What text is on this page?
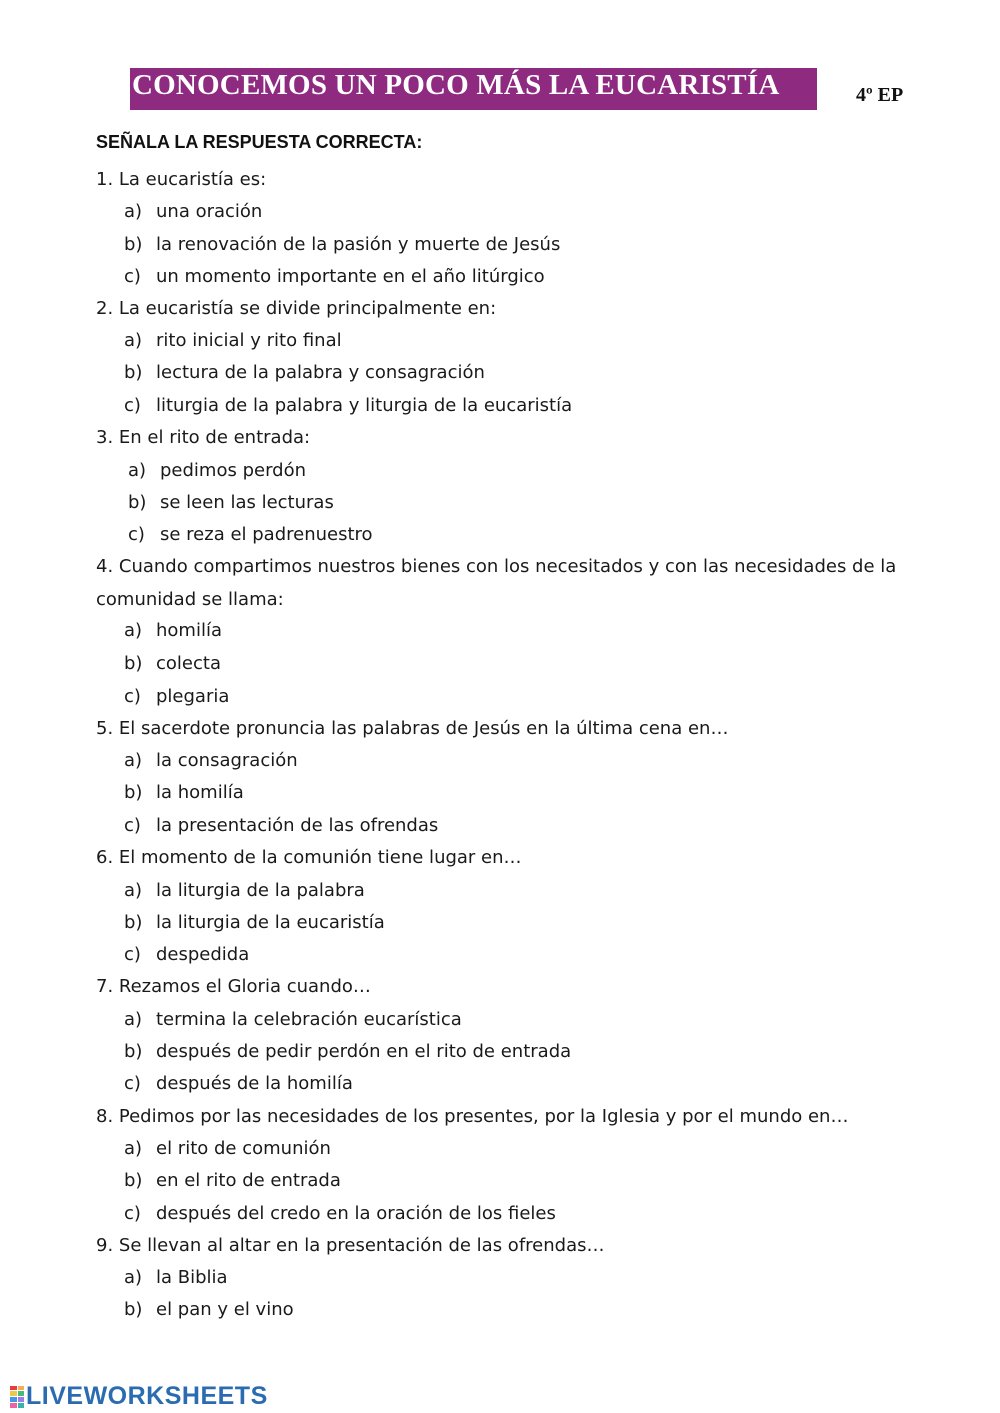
CONOCEMOS UN POCO MÁS LA EUCARISTÍA	4º EP
SEÑALA LA RESPUESTA CORRECTA:
1. La eucaristía es:
a) una oración
b) la renovación de la pasión y muerte de Jesús
c) un momento importante en el año litúrgico
2. La eucaristía se divide principalmente en:
a) rito inicial y rito final
b) lectura de la palabra y consagración
c) liturgia de la palabra y liturgia de la eucaristía
3. En el rito de entrada:
a) pedimos perdón
b) se leen las lecturas
c) se reza el padrenuestro
4. Cuando compartimos nuestros bienes con los necesitados y con las necesidades de la
comunidad se llama:
a) homilía
b) colecta
c) plegaria
5. El sacerdote pronuncia las palabras de Jesús en la última cena en…
a) la consagración
b) la homilía
c) la presentación de las ofrendas
6. El momento de la comunión tiene lugar en…
a) la liturgia de la palabra
b) la liturgia de la eucaristía
c) despedida
7. Rezamos el Gloria cuando…
a) termina la celebración eucarística
b) después de pedir perdón en el rito de entrada
c) después de la homilía
8. Pedimos por las necesidades de los presentes, por la Iglesia y por el mundo en…
a) el rito de comunión
b) en el rito de entrada
c) después del credo en la oración de los fieles
9. Se llevan al altar en la presentación de las ofrendas…
a) la Biblia
b) el pan y el vino
LIVEWORKSHEETS
